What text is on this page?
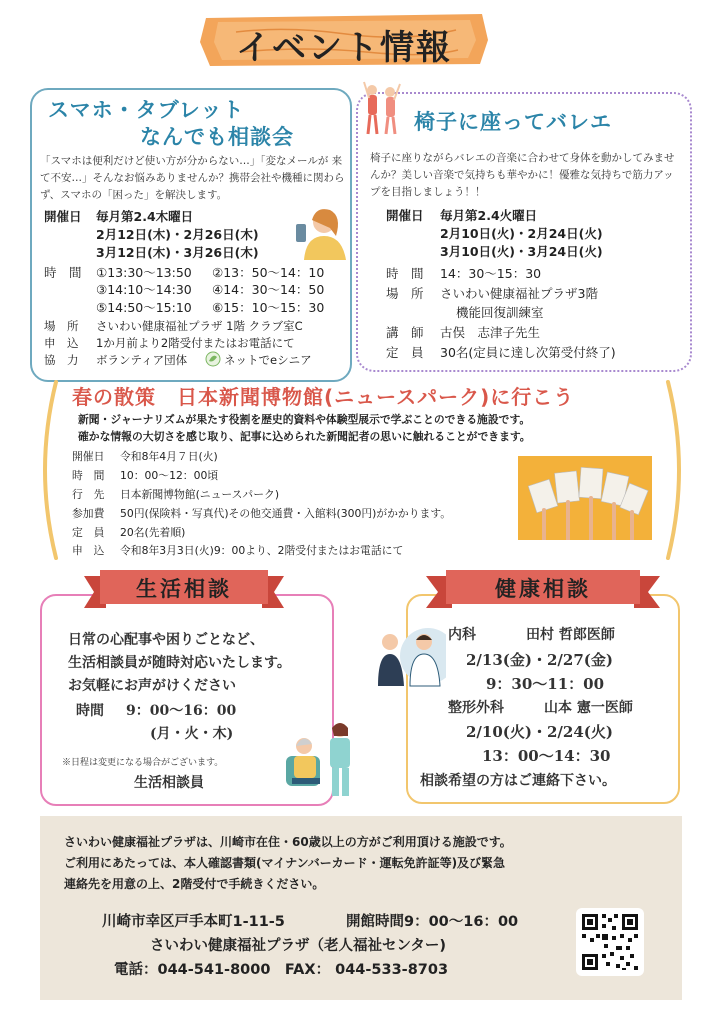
イベント情報
スマホ・タブレット
なんでも相談会
「スマホは便利だけど使い方が分からない…」「変なメールが 来て不安…」そんなお悩みありませんか？携帯会社や機種に関わらず、スマホの「困った」を解決します。
開催日 毎月第2.4木曜日
2月12日(木)・2月26日(木)
3月12日(木)・3月26日(木)
時　間 ①13:30～13:50 ②13：50～14：10
③14:10～14:30 ④14：30～14：50
⑤14:50～15:10 ⑥15：10～15：30
場　所 さいわい健康福祉プラザ 1階 クラブ室C
申　込 1か月前より2階受付またはお電話にて
協　力 ボランティア団体	ネットでeシニア
椅子に座ってバレエ
椅子に座りながらバレエの音楽に合わせて身体を動かしてみませんか？美しい音楽で気持ちも華やかに！優雅な気持ちで筋力アップを目指しましょう！！
開催日 毎月第2.4火曜日
2月10日(火)・2月24日(火)
3月10日(火)・3月24日(火)
時　間 14：30～15：30
場　所 さいわい健康福祉プラザ3階
機能回復訓練室
講　師 古俣　志津子先生
定　員 30名(定員に達し次第受付終了)
春の散策　日本新聞博物館(ニュースパーク)に行こう
新聞・ジャーナリズムが果たす役割を歴史的資料や体験型展示で学ぶことのできる施設です。
確かな情報の大切さを感じ取り、記事に込められた新聞記者の思いに触れることができます。
開催日 令和8年4月７日(火)
時　間 10：00～12：00頃
行　先 日本新聞博物館(ニュースパーク)
参加費 50円(保険料・写真代)その他交通費・入館料(300円)がかかります。
定　員 20名(先着順)
申　込 令和8年3月3日(火)9：00より、2階受付またはお電話にて
生活相談
日常の心配事や困りごとなど、
生活相談員が随時対応いたします。
お気軽にお声がけください
時間 9：00～16：00
(月・火・木)
※日程は変更になる場合がございます。
生活相談員
健康相談
内科	田村 哲郎医師
2/13(金)・2/27(金)
9：30～11：00
整形外科	山本 憲一医師
2/10(火)・2/24(火)
13：00～14：30
相談希望の方はご連絡下さい。
さいわい健康福祉プラザは、川崎市在住・60歳以上の方がご利用頂ける施設です。
ご利用にあたっては、本人確認書類(マイナンバーカード・運転免許証等)及び緊急
連絡先を用意の上、2階受付で手続きください。
川崎市幸区戸手本町1-11-5	開館時間9：00～16：00
さいわい健康福祉プラザ（老人福祉センター)
電話：044-541-8000　FAX： 044-533-8703
